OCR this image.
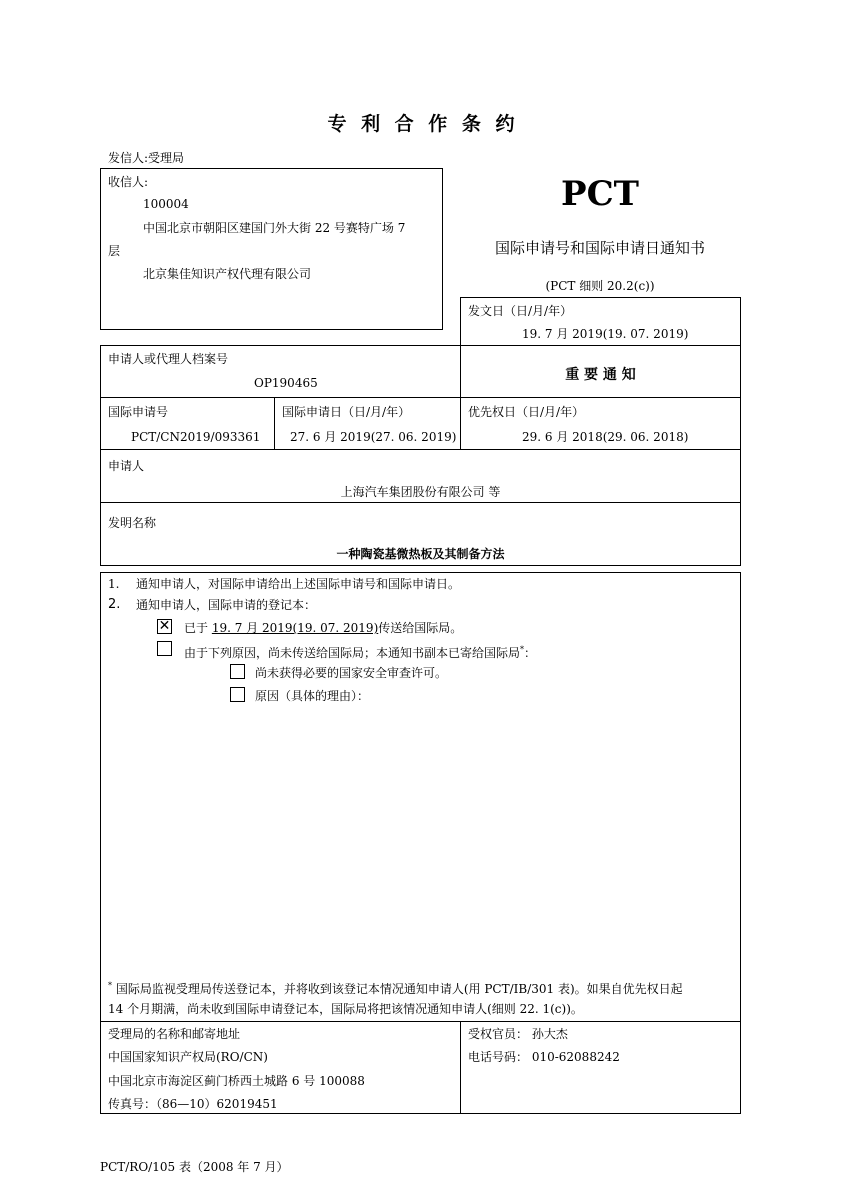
专 利 合 作 条 约
发信人:受理局
收信人:
100004
中国北京市朝阳区建国门外大街 22 号赛特广场 7
层
北京集佳知识产权代理有限公司
PCT
国际申请号和国际申请日通知书
(PCT 细则 20.2(c))
发文日（日/月/年）
19. 7 月 2019(19. 07. 2019)
申请人或代理人档案号
OP190465	重 要 通 知
国际申请号
PCT/CN2019/093361
国际申请日（日/月/年）
27. 6 月 2019(27. 06. 2019)
优先权日（日/月/年）
29. 6 月 2018(29. 06. 2018)
申请人
上海汽车集团股份有限公司 等
发明名称
一种陶瓷基微热板及其制备方法
1. 通知申请人，对国际申请给出上述国际申请号和国际申请日。
2. 通知申请人，国际申请的登记本：
✕ 已于 19. 7 月 2019(19. 07. 2019)传送给国际局。
由于下列原因，尚未传送给国际局；本通知书副本已寄给国际局*：
尚未获得必要的国家安全审查许可。
原因（具体的理由）：
* 国际局监视受理局传送登记本，并将收到该登记本情况通知申请人(用 PCT/IB/301 表)。如果自优先权日起
14 个月期满，尚未收到国际申请登记本，国际局将把该情况通知申请人(细则 22. 1(c))。
受理局的名称和邮寄地址
中国国家知识产权局(RO/CN)
中国北京市海淀区蓟门桥西土城路 6 号 100088
传真号：（86—10）62019451
受权官员： 孙大杰
电话号码： 010-62088242
PCT/RO/105 表（2008 年 7 月）
